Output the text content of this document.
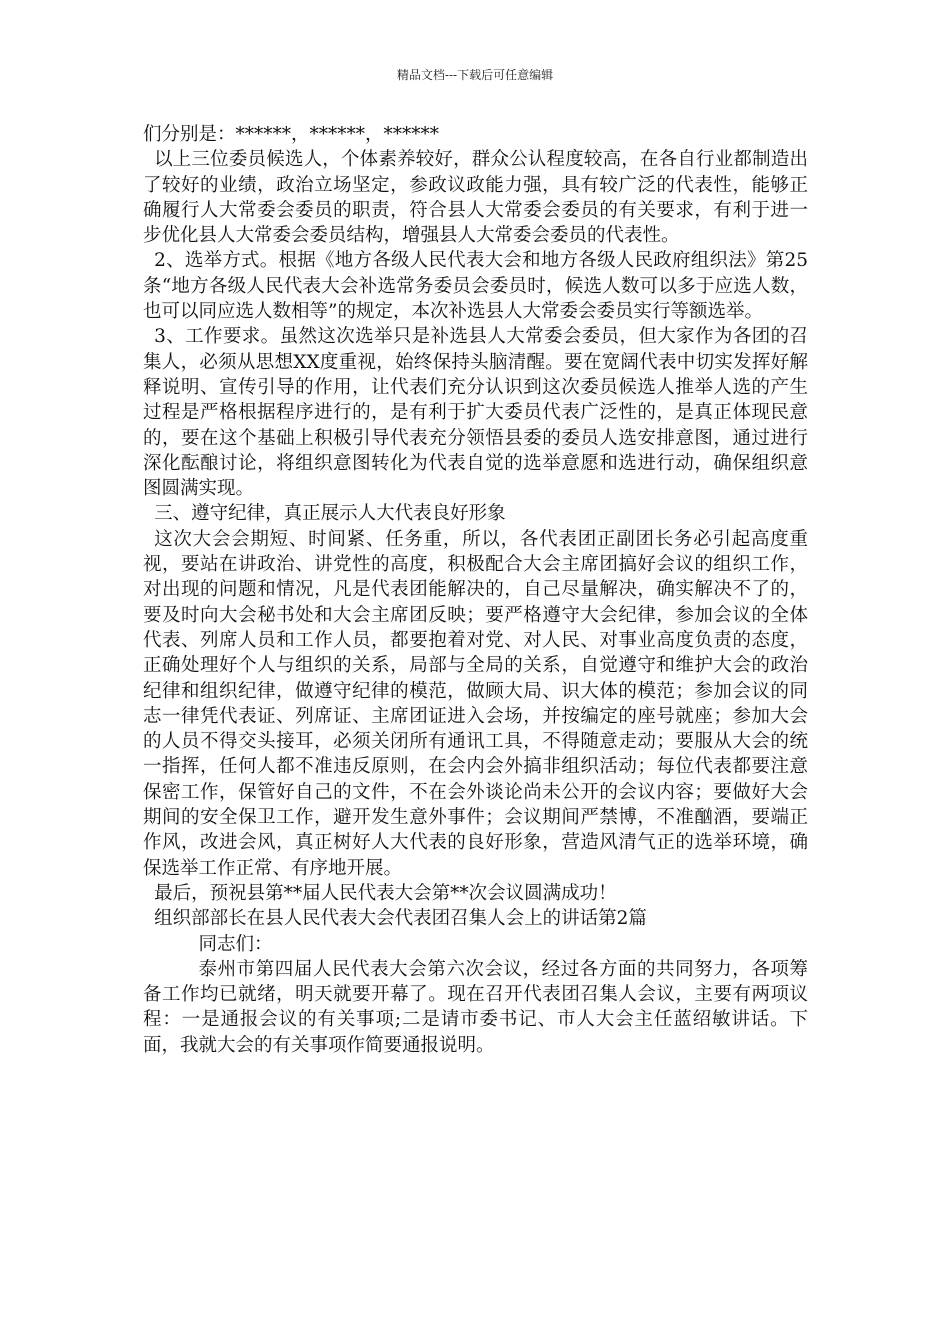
精品文档---下载后可任意编辑

们分别是：******，******，******

以上三位委员候选人，个体素养较好，群众公认程度较高，在各自行业都制造出了较好的业绩，政治立场坚定，参政议政能力强，具有较广泛的代表性，能够正确履行人大常委会委员的职责，符合县人大常委会委员的有关要求，有利于进一步优化县人大常委会委员结构，增强县人大常委会委员的代表性。

2、选举方式。根据《地方各级人民代表大会和地方各级人民政府组织法》第25条“地方各级人民代表大会补选常务委员会委员时，候选人数可以多于应选人数，也可以同应选人数相等”的规定，本次补选县人大常委会委员实行等额选举。

3、工作要求。虽然这次选举只是补选县人大常委会委员，但大家作为各团的召集人，必须从思想XX度重视，始终保持头脑清醒。要在宽阔代表中切实发挥好解释说明、宣传引导的作用，让代表们充分认识到这次委员候选人推举人选的产生过程是严格根据程序进行的，是有利于扩大委员代表广泛性的，是真正体现民意的，要在这个基础上积极引导代表充分领悟县委的委员人选安排意图，通过进行深化酝酿讨论，将组织意图转化为代表自觉的选举意愿和选进行动，确保组织意图圆满实现。

三、遵守纪律，真正展示人大代表良好形象

这次大会会期短、时间紧、任务重，所以，各代表团正副团长务必引起高度重视，要站在讲政治、讲党性的高度，积极配合大会主席团搞好会议的组织工作，对出现的问题和情况，凡是代表团能解决的，自己尽量解决，确实解决不了的，要及时向大会秘书处和大会主席团反映；要严格遵守大会纪律，参加会议的全体代表、列席人员和工作人员，都要抱着对党、对人民、对事业高度负责的态度，正确处理好个人与组织的关系，局部与全局的关系，自觉遵守和维护大会的政治纪律和组织纪律，做遵守纪律的模范，做顾大局、识大体的模范；参加会议的同志一律凭代表证、列席证、主席团证进入会场，并按编定的座号就座；参加大会的人员不得交头接耳，必须关闭所有通讯工具，不得随意走动；要服从大会的统一指挥，任何人都不准违反原则，在会内会外搞非组织活动；每位代表都要注意保密工作，保管好自己的文件，不在会外谈论尚未公开的会议内容；要做好大会期间的安全保卫工作，避开发生意外事件；会议期间严禁博，不准酗酒，要端正作风，改进会风，真正树好人大代表的良好形象，营造风清气正的选举环境，确保选举工作正常、有序地开展。

最后，预祝县第**届人民代表大会第**次会议圆满成功！

组织部部长在县人民代表大会代表团召集人会上的讲话第2篇

同志们：

泰州市第四届人民代表大会第六次会议，经过各方面的共同努力，各项筹备工作均已就绪，明天就要开幕了。现在召开代表团召集人会议，主要有两项议程：一是通报会议的有关事项;二是请市委书记、市人大会主任蓝绍敏讲话。下面，我就大会的有关事项作简要通报说明。
